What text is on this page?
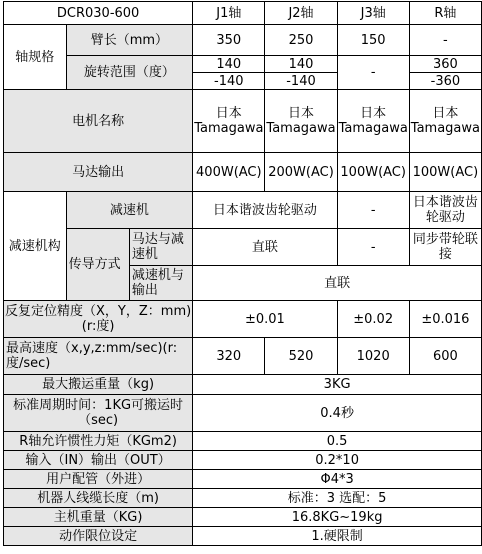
DCR030-600			J1轴	J2轴	J3轴	R轴
轴规格	臂长（mm）		350	250	150	-
	旋转范围（度）		140	140	-	360
			-140	-140		-360
电机名称			日本Tamagawa	日本Tamagawa	日本Tamagawa	日本Tamagawa
马达输出			400W(AC)	200W(AC)	100W(AC)	100W(AC)
减速机构	减速机		日本谐波齿轮驱动		-	日本谐波齿轮驱动
	传导方式	马达与减速机	直联		-	同步带轮联接
		减速机与输出	直联			
反复定位精度（X，Y，Z：mm)(r:度)			±0.01		±0.02	±0.016
最高速度（x,y,z:mm/sec)(r:度/sec)			320	520	1020	600
最大搬运重量（kg)			3KG			
标准周期时间：1KG可搬运时（sec)			0.4秒			
R轴允许惯性力矩（KGm2)			0.5			
输入（IN）输出（OUT）			0.2*10			
用户配管（外进）			Φ4*3			
机器人线缆长度（m)			标准：3 选配：5			
主机重量（KG)			16.8KG~19kg			
动作限位设定			1.硬限制			
